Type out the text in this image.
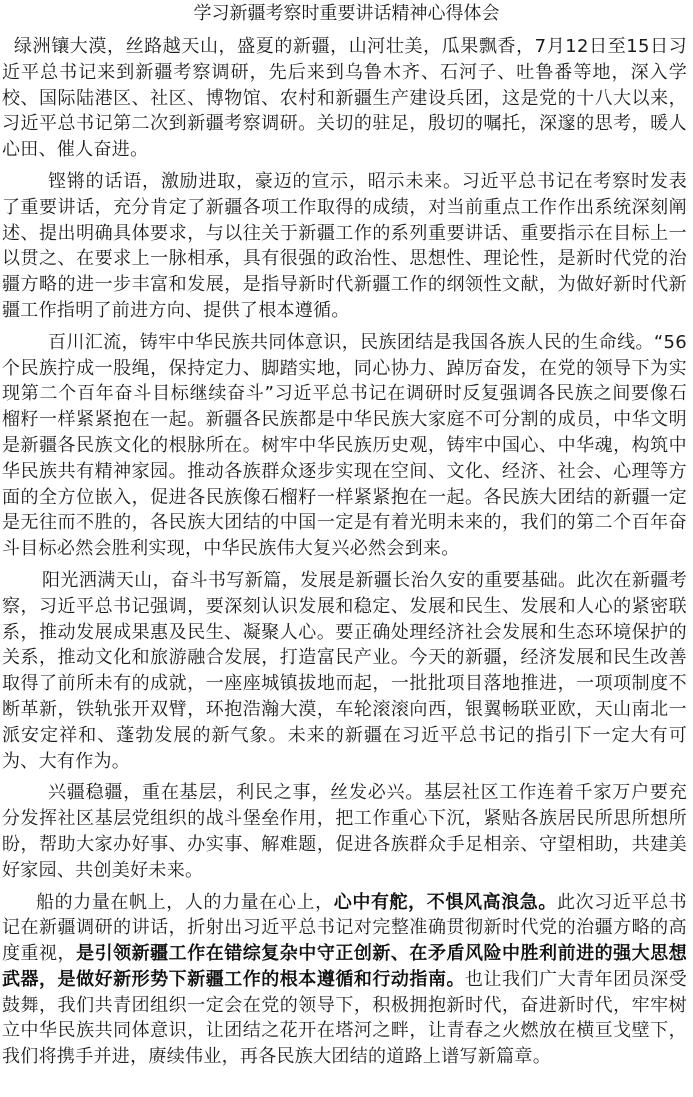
学习新疆考察时重要讲话精神心得体会

绿洲镶大漠，丝路越天山，盛夏的新疆，山河壮美，瓜果飘香，7月12日至15日习近平总书记来到新疆考察调研，先后来到乌鲁木齐、石河子、吐鲁番等地，深入学校、国际陆港区、社区、博物馆、农村和新疆生产建设兵团，这是党的十八大以来，习近平总书记第二次到新疆考察调研。关切的驻足，殷切的嘱托，深邃的思考，暖人心田、催人奋进。

铿锵的话语，激励进取，豪迈的宣示，昭示未来。习近平总书记在考察时发表了重要讲话，充分肯定了新疆各项工作取得的成绩，对当前重点工作作出系统深刻阐述、提出明确具体要求，与以往关于新疆工作的系列重要讲话、重要指示在目标上一以贯之、在要求上一脉相承，具有很强的政治性、思想性、理论性，是新时代党的治疆方略的进一步丰富和发展，是指导新时代新疆工作的纲领性文献，为做好新时代新疆工作指明了前进方向、提供了根本遵循。

百川汇流，铸牢中华民族共同体意识，民族团结是我国各族人民的生命线。“56个民族拧成一股绳，保持定力、脚踏实地，同心协力、踔厉奋发，在党的领导下为实现第二个百年奋斗目标继续奋斗”习近平总书记在调研时反复强调各民族之间要像石榴籽一样紧紧抱在一起。新疆各民族都是中华民族大家庭不可分割的成员，中华文明是新疆各民族文化的根脉所在。树牢中华民族历史观，铸牢中国心、中华魂，构筑中华民族共有精神家园。推动各族群众逐步实现在空间、文化、经济、社会、心理等方面的全方位嵌入，促进各民族像石榴籽一样紧紧抱在一起。各民族大团结的新疆一定是无往而不胜的，各民族大团结的中国一定是有着光明未来的，我们的第二个百年奋斗目标必然会胜利实现，中华民族伟大复兴必然会到来。

阳光洒满天山，奋斗书写新篇，发展是新疆长治久安的重要基础。此次在新疆考察，习近平总书记强调，要深刻认识发展和稳定、发展和民生、发展和人心的紧密联系，推动发展成果惠及民生、凝聚人心。要正确处理经济社会发展和生态环境保护的关系，推动文化和旅游融合发展，打造富民产业。今天的新疆，经济发展和民生改善取得了前所未有的成就，一座座城镇拔地而起，一批批项目落地推进，一项项制度不断革新，铁轨张开双臂，环抱浩瀚大漠，车轮滚滚向西，银翼畅联亚欧，天山南北一派安定祥和、蓬勃发展的新气象。未来的新疆在习近平总书记的指引下一定大有可为、大有作为。

兴疆稳疆，重在基层，利民之事，丝发必兴。基层社区工作连着千家万户要充分发挥社区基层党组织的战斗堡垒作用，把工作重心下沉，紧贴各族居民所思所想所盼，帮助大家办好事、办实事、解难题，促进各族群众手足相亲、守望相助，共建美好家园、共创美好未来。

船的力量在帆上，人的力量在心上，心中有舵，不惧风高浪急。此次习近平总书记在新疆调研的讲话，折射出习近平总书记对完整准确贯彻新时代党的治疆方略的高度重视，是引领新疆工作在错综复杂中守正创新、在矛盾风险中胜利前进的强大思想武器，是做好新形势下新疆工作的根本遵循和行动指南。也让我们广大青年团员深受鼓舞，我们共青团组织一定会在党的领导下，积极拥抱新时代，奋进新时代，牢牢树立中华民族共同体意识，让团结之花开在塔河之畔，让青春之火燃放在横亘戈壁下，我们将携手并进，赓续伟业，再各民族大团结的道路上谱写新篇章。
